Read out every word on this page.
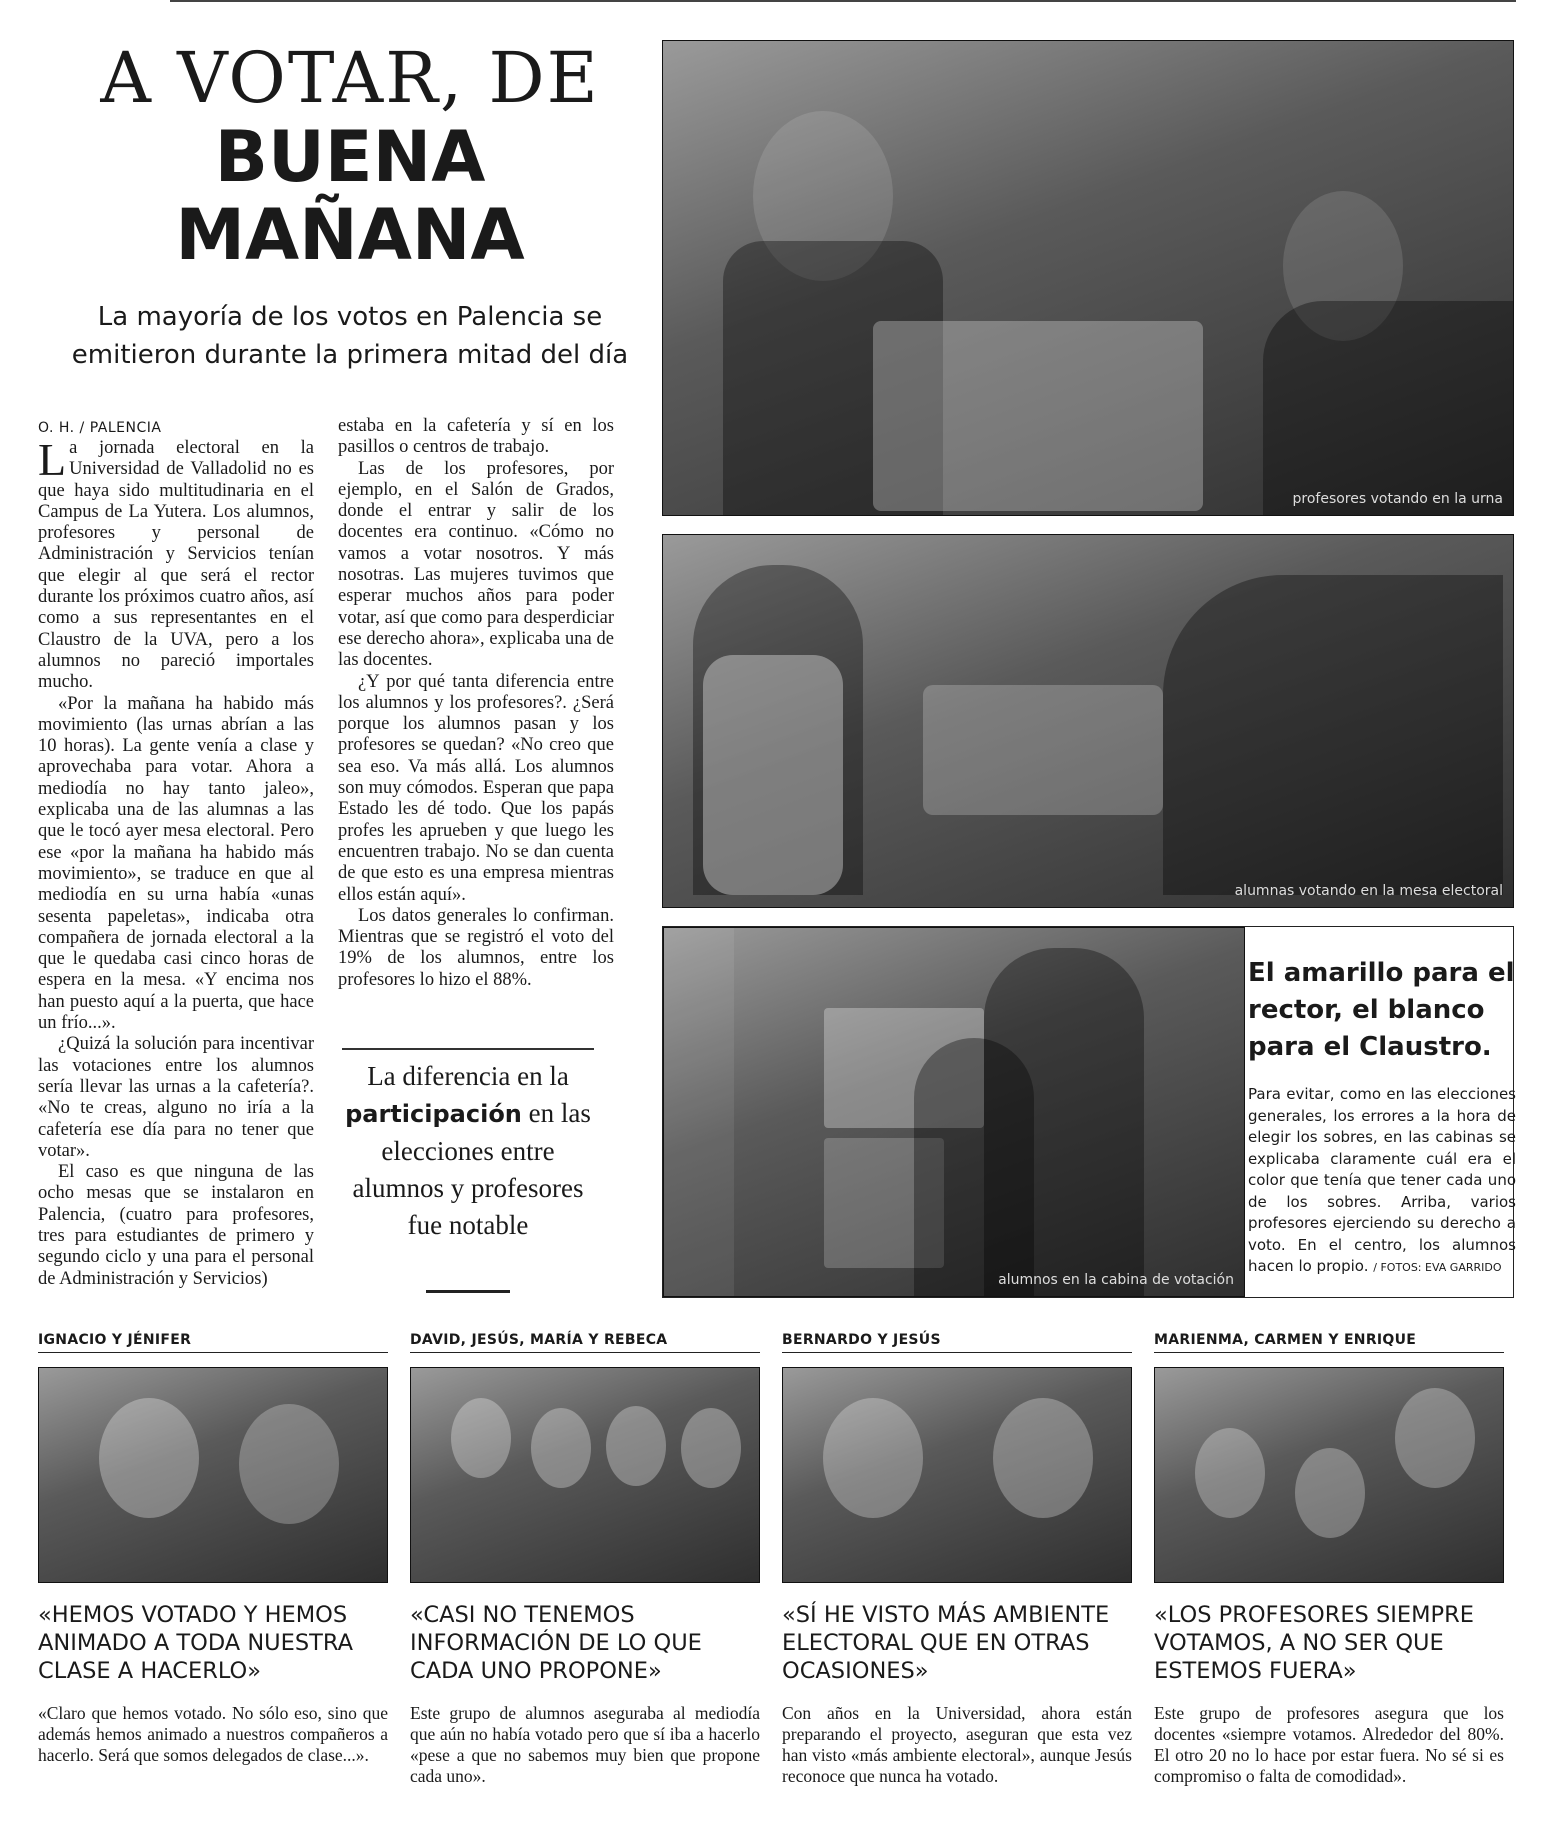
A VOTAR, DE
BUENA
MAÑANA
La mayoría de los votos en Palencia se emitieron durante la primera mitad del día
profesores votando en la urna
alumnas votando en la mesa electoral
alumnos en la cabina de votación
El amarillo para el rector, el blanco para el Claustro.
Para evitar, como en las elecciones generales, los errores a la hora de elegir los sobres, en las cabinas se explicaba claramente cuál era el color que tenía que tener cada uno de los sobres. Arriba, varios profesores ejerciendo su derecho a voto. En el centro, los alumnos hacen lo propio. / FOTOS: EVA GARRIDO
O. H. / PALENCIA

La jornada electoral en la Universidad de Valladolid no es que haya sido multitudinaria en el Campus de La Yutera. Los alumnos, profesores y personal de Administración y Servicios tenían que elegir al que será el rector durante los próximos cuatro años, así como a sus representantes en el Claustro de la UVA, pero a los alumnos no pareció importales mucho.

«Por la mañana ha habido más movimiento (las urnas abrían a las 10 horas). La gente venía a clase y aprovechaba para votar. Ahora a mediodía no hay tanto jaleo», explicaba una de las alumnas a las que le tocó ayer mesa electoral. Pero ese «por la mañana ha habido más movimiento», se traduce en que al mediodía en su urna había «unas sesenta papeletas», indicaba otra compañera de jornada electoral a la que le quedaba casi cinco horas de espera en la mesa. «Y encima nos han puesto aquí a la puerta, que hace un frío...».

¿Quizá la solución para incentivar las votaciones entre los alumnos sería llevar las urnas a la cafetería?. «No te creas, alguno no iría a la cafetería ese día para no tener que votar».

El caso es que ninguna de las ocho mesas que se instalaron en Palencia, (cuatro para profesores, tres para estudiantes de primero y segundo ciclo y una para el personal de Administración y Servicios)

estaba en la cafetería y sí en los pasillos o centros de trabajo.

Las de los profesores, por ejemplo, en el Salón de Grados, donde el entrar y salir de los docentes era continuo. «Cómo no vamos a votar nosotros. Y más nosotras. Las mujeres tuvimos que esperar muchos años para poder votar, así que como para desperdiciar ese derecho ahora», explicaba una de las docentes.

¿Y por qué tanta diferencia entre los alumnos y los profesores?. ¿Será porque los alumnos pasan y los profesores se quedan? «No creo que sea eso. Va más allá. Los alumnos son muy cómodos. Esperan que papa Estado les dé todo. Que los papás profes les aprueben y que luego les encuentren trabajo. No se dan cuenta de que esto es una empresa mientras ellos están aquí».

Los datos generales lo confirman. Mientras que se registró el voto del 19% de los alumnos, entre los profesores lo hizo el 88%.

La diferencia en la participación en las elecciones entre alumnos y profesores fue notable
IGNACIO Y JÉNIFER
«HEMOS VOTADO Y HEMOS ANIMADO A TODA NUESTRA CLASE A HACERLO»
«Claro que hemos votado. No sólo eso, sino que además hemos animado a nuestros compañeros a hacerlo. Será que somos delegados de clase...».
DAVID, JESÚS, MARÍA Y REBECA
«CASI NO TENEMOS INFORMACIÓN DE LO QUE CADA UNO PROPONE»
Este grupo de alumnos aseguraba al mediodía que aún no había votado pero que sí iba a hacerlo «pese a que no sabemos muy bien que propone cada uno».
BERNARDO Y JESÚS
«SÍ HE VISTO MÁS AMBIENTE ELECTORAL QUE EN OTRAS OCASIONES»
Con años en la Universidad, ahora están preparando el proyecto, aseguran que esta vez han visto «más ambiente electoral», aunque Jesús reconoce que nunca ha votado.
MARIENMA, CARMEN Y ENRIQUE
«LOS PROFESORES SIEMPRE VOTAMOS, A NO SER QUE ESTEMOS FUERA»
Este grupo de profesores asegura que los docentes «siempre votamos. Alrededor del 80%. El otro 20 no lo hace por estar fuera. No sé si es compromiso o falta de comodidad».
